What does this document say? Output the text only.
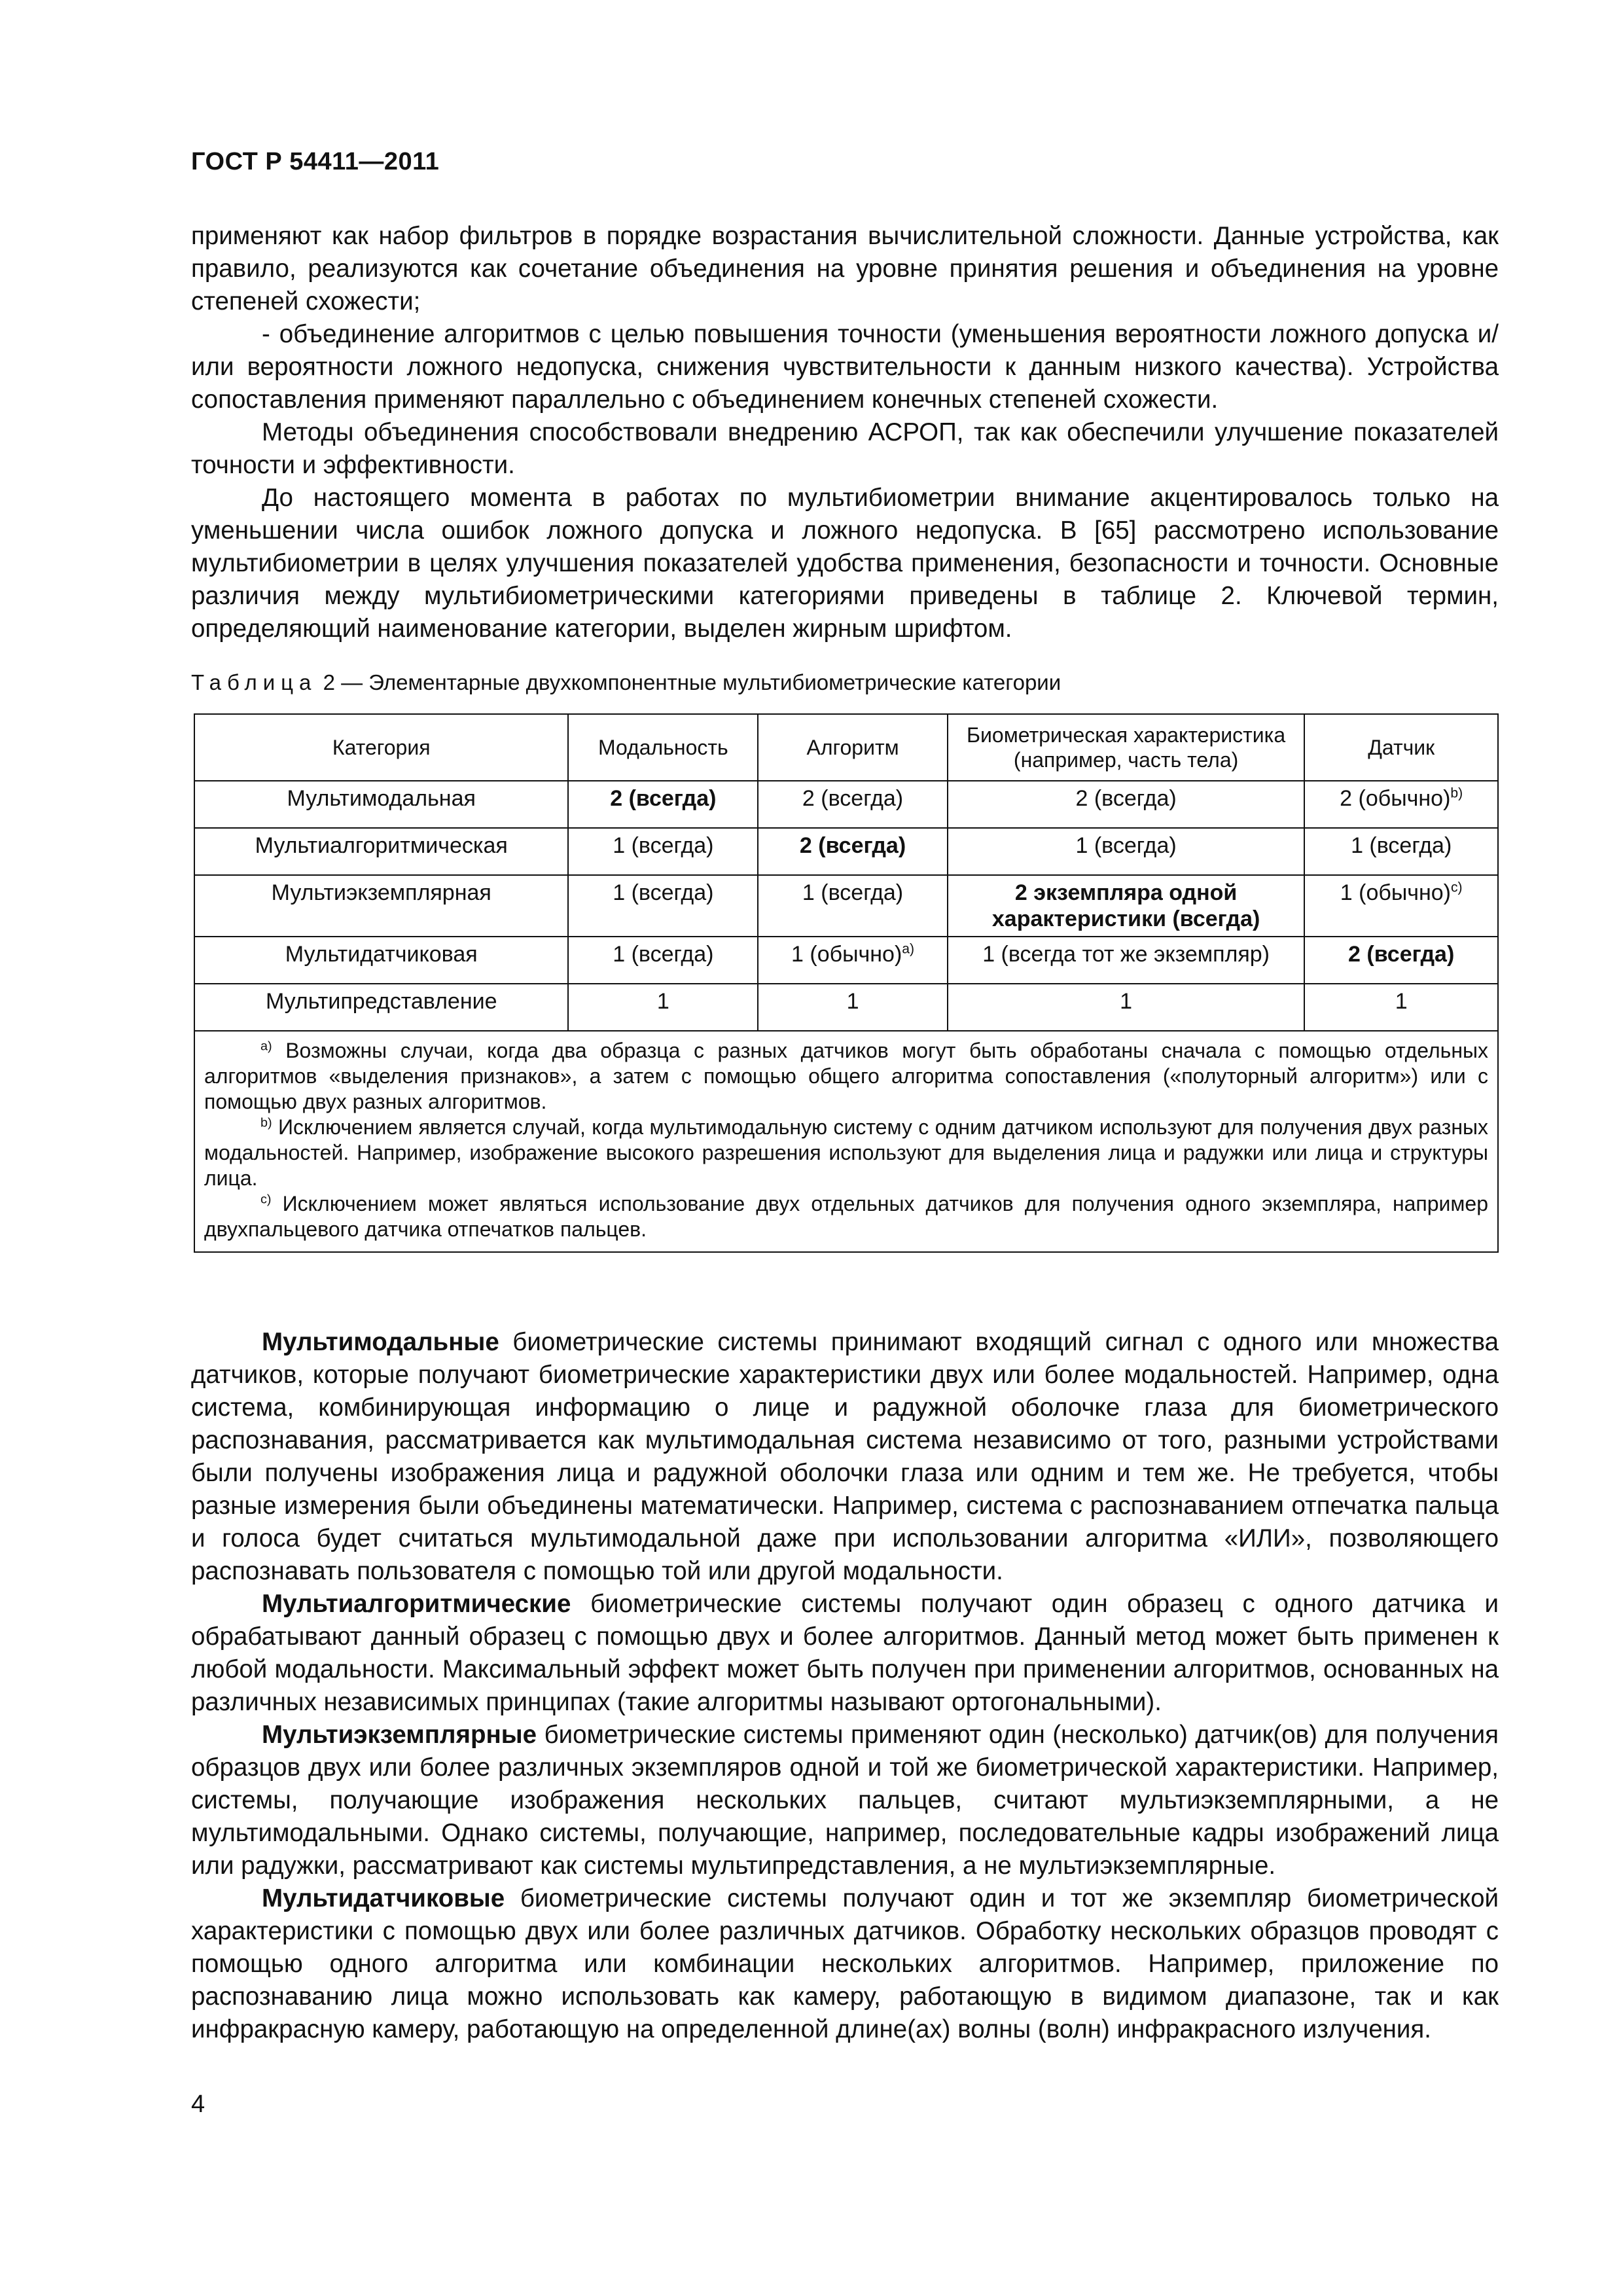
ГОСТ Р 54411—2011

применяют как набор фильтров в порядке возрастания вычислительной сложности. Данные устройства, как правило, реализуются как сочетание объединения на уровне принятия решения и объединения на уровне степеней схожести;

- объединение алгоритмов с целью повышения точности (уменьшения вероятности ложного допуска и/или вероятности ложного недопуска, снижения чувствительности к данным низкого качества). Устройства сопоставления применяют параллельно с объединением конечных степеней схожести.

Методы объединения способствовали внедрению АСРОП, так как обеспечили улучшение показателей точности и эффективности.

До настоящего момента в работах по мультибиометрии внимание акцентировалось только на уменьшении числа ошибок ложного допуска и ложного недопуска. В [65] рассмотрено использование мультибиометрии в целях улучшения показателей удобства применения, безопасности и точности. Основные различия между мультибиометрическими категориями приведены в таблице 2. Ключевой термин, определяющий наименование категории, выделен жирным шрифтом.

Таблица 2 — Элементарные двухкомпонентные мультибиометрические категории
Категория	Модальность	Алгоритм	Биометрическая характеристика (например, часть тела)	Датчик
Мультимодальная	2 (всегда)	2 (всегда)	2 (всегда)	2 (обычно)$^{b)}$
Мультиалгоритмическая	1 (всегда)	2 (всегда)	1 (всегда)	1 (всегда)
Мультиэкземплярная	1 (всегда)	1 (всегда)	2 экземпляра одной характеристики (всегда)	1 (обычно)$^{c)}$
Мультидатчиковая	1 (всегда)	1 (обычно)$^{a)}$	1 (всегда тот же экземпляр)	2 (всегда)
Мультипредставление	1	1	1	1

$^{a)}$ Возможны случаи, когда два образца с разных датчиков могут быть обработаны сначала с помощью отдельных алгоритмов «выделения признаков», а затем с помощью общего алгоритма сопоставления («полуторный алгоритм») или с помощью двух разных алгоритмов.

$^{b)}$ Исключением является случай, когда мультимодальную систему с одним датчиком используют для получения двух разных модальностей. Например, изображение высокого разрешения используют для выделения лица и радужки или лица и структуры лица.

$^{c)}$ Исключением может являться использование двух отдельных датчиков для получения одного экземпляра, например двухпальцевого датчика отпечатков пальцев.				

Мультимодальные биометрические системы принимают входящий сигнал с одного или множества датчиков, которые получают биометрические характеристики двух или более модальностей. Например, одна система, комбинирующая информацию о лице и радужной оболочке глаза для биометрического распознавания, рассматривается как мультимодальная система независимо от того, разными устройствами были получены изображения лица и радужной оболочки глаза или одним и тем же. Не требуется, чтобы разные измерения были объединены математически. Например, система с распознаванием отпечатка пальца и голоса будет считаться мультимодальной даже при использовании алгоритма «ИЛИ», позволяющего распознавать пользователя с помощью той или другой модальности.

Мультиалгоритмические биометрические системы получают один образец с одного датчика и обрабатывают данный образец с помощью двух и более алгоритмов. Данный метод может быть применен к любой модальности. Максимальный эффект может быть получен при применении алгоритмов, основанных на различных независимых принципах (такие алгоритмы называют ортогональными).

Мультиэкземплярные биометрические системы применяют один (несколько) датчик(ов) для получения образцов двух или более различных экземпляров одной и той же биометрической характеристики. Например, системы, получающие изображения нескольких пальцев, считают мультиэкземплярными, а не мультимодальными. Однако системы, получающие, например, последовательные кадры изображений лица или радужки, рассматривают как системы мультипредставления, а не мультиэкземплярные.

Мультидатчиковые биометрические системы получают один и тот же экземпляр биометрической характеристики с помощью двух или более различных датчиков. Обработку нескольких образцов проводят с помощью одного алгоритма или комбинации нескольких алгоритмов. Например, приложение по распознаванию лица можно использовать как камеру, работающую в видимом диапазоне, так и как инфракрасную камеру, работающую на определенной длине(ах) волны (волн) инфракрасного излучения.

4
